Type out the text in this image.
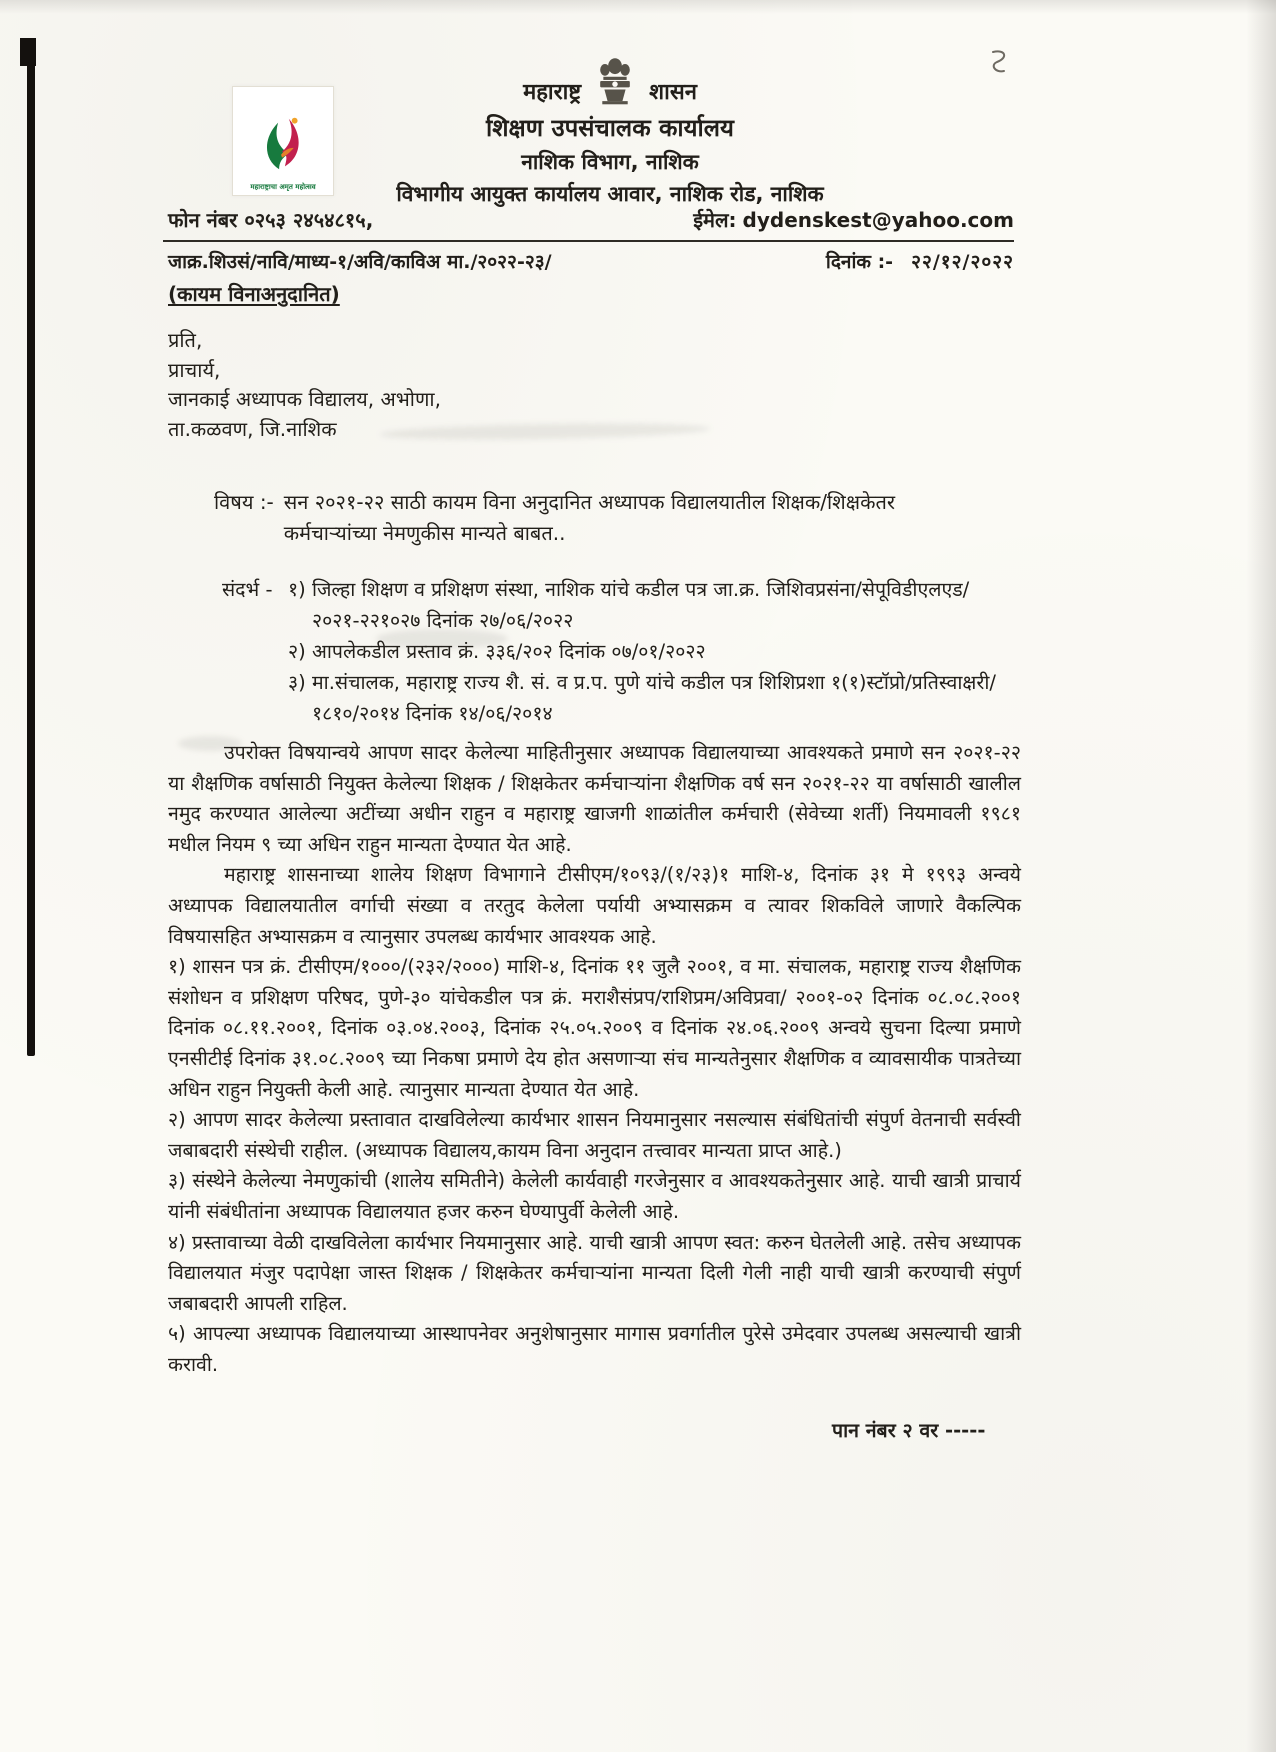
महाराष्ट्राचा अमृत महोत्सव
महाराष्ट्र	शासन
शिक्षण उपसंचालक कार्यालय
नाशिक विभाग, नाशिक
विभागीय आयुक्त कार्यालय आवार, नाशिक रोड, नाशिक
फोन नंबर ०२५३ २४५४८१५,	ईमेल: dydenskest@yahoo.com
जाक्र.शिउसं/नावि/माध्य-१/अवि/काविअ मा./२०२२-२३/	दिनांक :- २२/१२/२०२२
(कायम विनाअनुदानित)
प्रति,
प्राचार्य,
जानकाई अध्यापक विद्यालय, अभोणा,
ता.कळवण, जि.नाशिक
विषय :- सन २०२१-२२ साठी कायम विना अनुदानित अध्यापक विद्यालयातील शिक्षक/शिक्षकेतर
कर्मचाऱ्यांच्या नेमणुकीस मान्यते बाबत..
संदर्भ - १) जिल्हा शिक्षण व प्रशिक्षण संस्था, नाशिक यांचे कडील पत्र जा.क्र. जिशिवप्रसंना/सेपूविडीएलएड/
२०२१-२२१०२७ दिनांक २७/०६/२०२२
२) आपलेकडील प्रस्ताव क्रं. ३३६/२०२ दिनांक ०७/०१/२०२२
३) मा.संचालक, महाराष्ट्र राज्य शै. सं. व प्र.प. पुणे यांचे कडील पत्र शिशिप्रशा १(१)स्टॉप्रो/प्रतिस्वाक्षरी/
१८१०/२०१४ दिनांक १४/०६/२०१४

उपरोक्त विषयान्वये आपण सादर केलेल्या माहितीनुसार अध्यापक विद्यालयाच्या आवश्यकते प्रमाणे सन २०२१-२२ या शैक्षणिक वर्षासाठी नियुक्त केलेल्या शिक्षक / शिक्षकेतर कर्मचाऱ्यांना शैक्षणिक वर्ष सन २०२१-२२ या वर्षासाठी खालील नमुद करण्यात आलेल्या अटींच्या अधीन राहुन व महाराष्ट्र खाजगी शाळांतील कर्मचारी (सेवेच्या शर्ती) नियमावली १९८१ मधील नियम ९ च्या अधिन राहुन मान्यता देण्यात येत आहे.

महाराष्ट्र शासनाच्या शालेय शिक्षण विभागाने टीसीएम/१०९३/(१/२३)१ माशि-४, दिनांक ३१ मे १९९३ अन्वये अध्यापक विद्यालयातील वर्गाची संख्या व तरतुद केलेला पर्यायी अभ्यासक्रम व त्यावर शिकविले जाणारे वैकल्पिक विषयासहित अभ्यासक्रम व त्यानुसार उपलब्ध कार्यभार आवश्यक आहे.

१) शासन पत्र क्रं. टीसीएम/१०००/(२३२/२०००) माशि-४, दिनांक ११ जुलै २००१, व मा. संचालक, महाराष्ट्र राज्य शैक्षणिक संशोधन व प्रशिक्षण परिषद, पुणे-३० यांचेकडील पत्र क्रं. मराशैसंप्रप/राशिप्रम/अविप्रवा/ २००१-०२ दिनांक ०८.०८.२००१ दिनांक ०८.११.२००१, दिनांक ०३.०४.२००३, दिनांक २५.०५.२००९ व दिनांक २४.०६.२००९ अन्वये सुचना दिल्या प्रमाणे एनसीटीई दिनांक ३१.०८.२००९ च्या निकषा प्रमाणे देय होत असणाऱ्या संच मान्यतेनुसार शैक्षणिक व व्यावसायीक पात्रतेच्या अधिन राहुन नियुक्ती केली आहे. त्यानुसार मान्यता देण्यात येत आहे.

२) आपण सादर केलेल्या प्रस्तावात दाखविलेल्या कार्यभार शासन नियमानुसार नसल्यास संबंधितांची संपुर्ण वेतनाची सर्वस्वी जबाबदारी संस्थेची राहील. (अध्यापक विद्यालय,कायम विना अनुदान तत्त्वावर मान्यता प्राप्त आहे.)

३) संस्थेने केलेल्या नेमणुकांची (शालेय समितीने) केलेली कार्यवाही गरजेनुसार व आवश्यकतेनुसार आहे. याची खात्री प्राचार्य यांनी संबंधीतांना अध्यापक विद्यालयात हजर करुन घेण्यापुर्वी केलेली आहे.

४) प्रस्तावाच्या वेळी दाखविलेला कार्यभार नियमानुसार आहे. याची खात्री आपण स्वत: करुन घेतलेली आहे. तसेच अध्यापक विद्यालयात मंजुर पदापेक्षा जास्त शिक्षक / शिक्षकेतर कर्मचाऱ्यांना मान्यता दिली गेली नाही याची खात्री करण्याची संपुर्ण जबाबदारी आपली राहिल.

५) आपल्या अध्यापक विद्यालयाच्या आस्थापनेवर अनुशेषानुसार मागास प्रवर्गातील पुरेसे उमेदवार उपलब्ध असल्याची खात्री करावी.

पान नंबर २ वर -----
